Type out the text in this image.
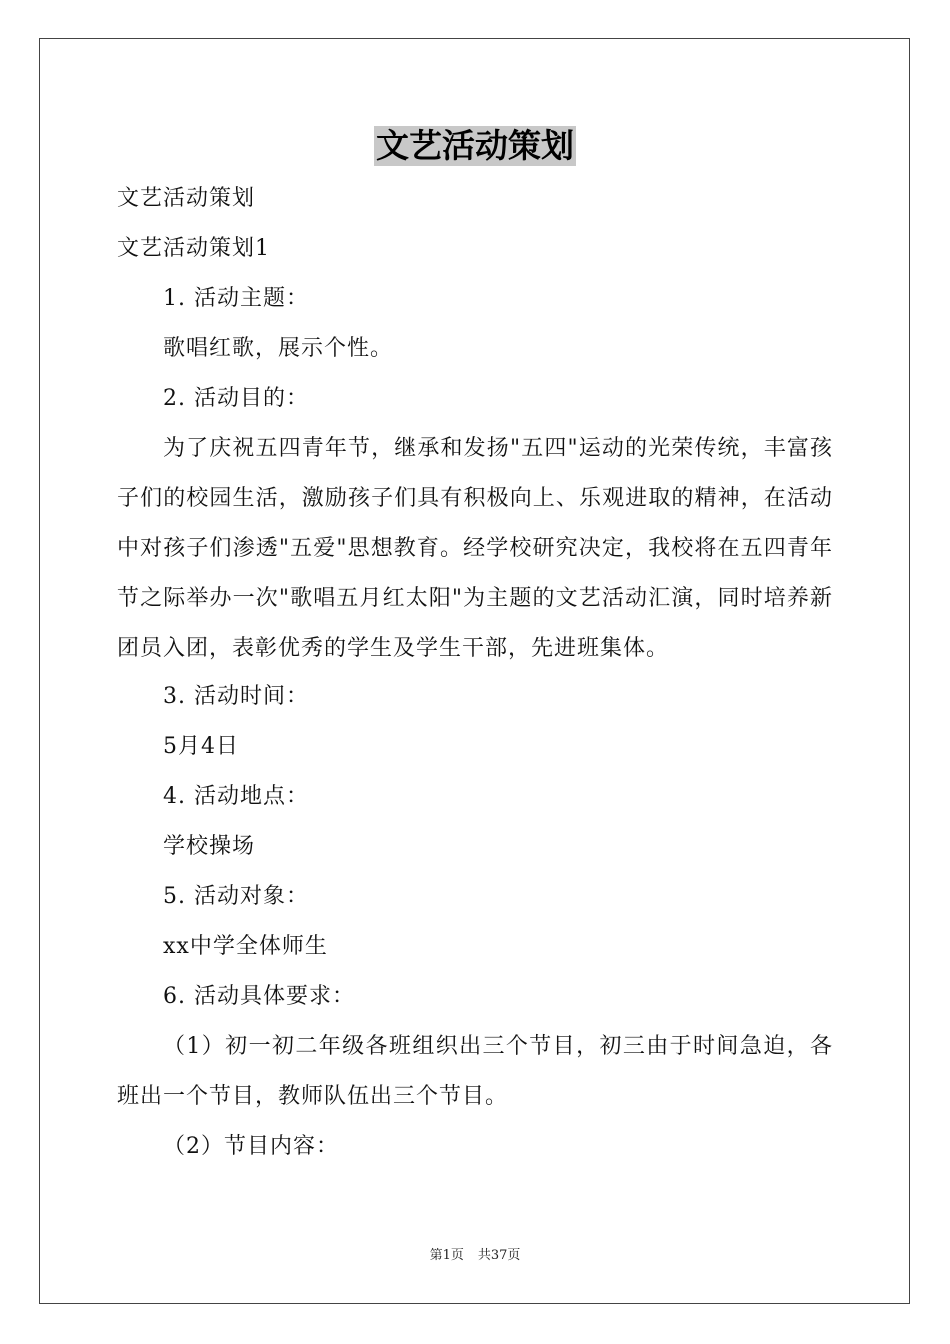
文艺活动策划
文艺活动策划
文艺活动策划1
1. 活动主题：
歌唱红歌，展示个性。
2. 活动目的：
为了庆祝五四青年节，继承和发扬"五四"运动的光荣传统，丰富孩子们的校园生活，激励孩子们具有积极向上、乐观进取的精神，在活动中对孩子们渗透"五爱"思想教育。经学校研究决定，我校将在五四青年节之际举办一次"歌唱五月红太阳"为主题的文艺活动汇演，同时培养新团员入团，表彰优秀的学生及学生干部，先进班集体。
3. 活动时间：
5月4日
4. 活动地点：
学校操场
5. 活动对象：
xx中学全体师生
6. 活动具体要求：
（1）初一初二年级各班组织出三个节目，初三由于时间急迫，各班出一个节目，教师队伍出三个节目。
（2）节目内容：
第1页 共37页
